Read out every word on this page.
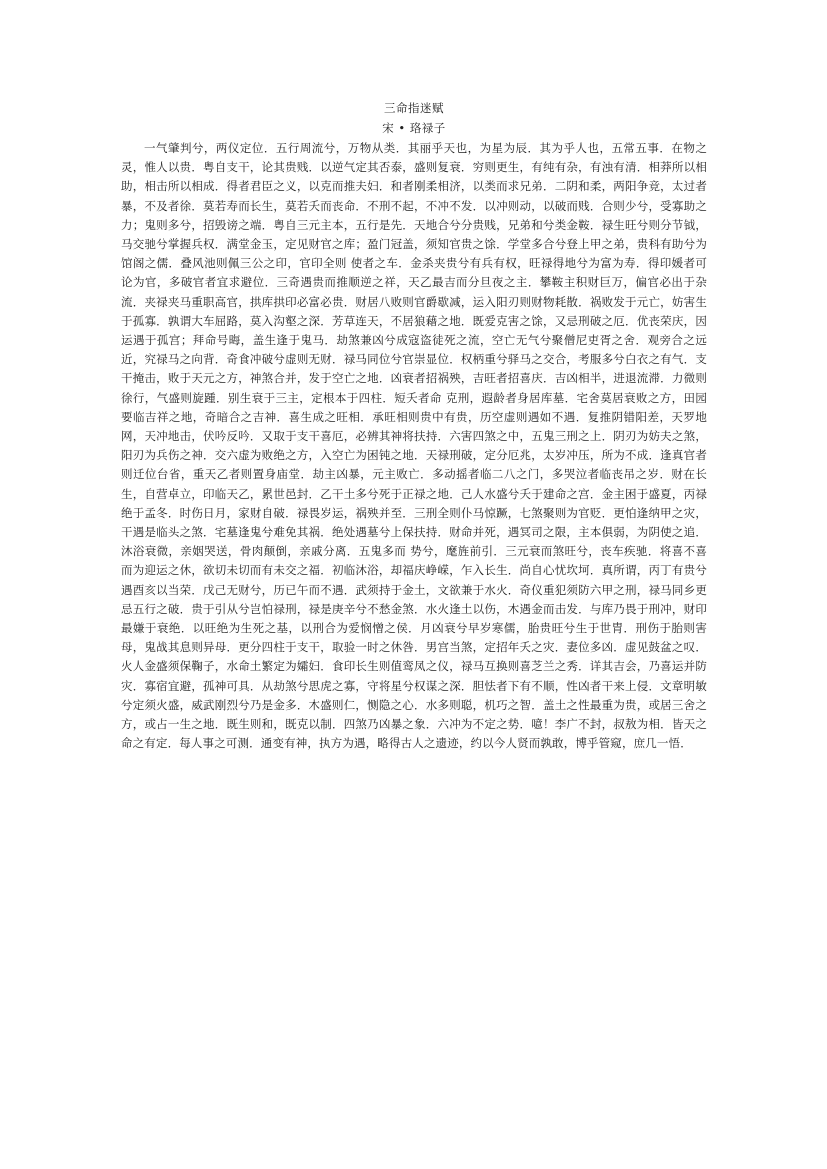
三命指迷赋
宋 • 珞禄子

一气肇判兮，两仪定位．五行周流兮，万物从类．其丽乎天也，为星为辰．其为乎人也，五常五事．在物之灵，惟人以贵．粤自支干，论其贵贱．以逆气定其否泰，盛则复衰．穷则更生，有纯有杂，有浊有清．相莽所以相助，相击所以相成．得者君臣之义，以克而推夫妇．和者刚柔相济，以类而求兄弟．二阴和柔，两阳争竞，太过者暴，不及者徐．莫若寿而长生，莫若夭而丧命．不刑不起，不冲不发．以冲则动，以破而贱．合则少兮，受寡助之力；鬼则多兮，招毁谤之端．粤自三元主本，五行是先．天地合兮分贵贱，兄弟和兮类金鞍．禄生旺兮则分节钺，马交驰兮掌握兵权．满堂金玉，定见财官之库；盈门冠盖，须知官贵之馀．学堂多合兮登上甲之弟，贵科有助兮为馆阁之儒．叠风池则佩三公之印，官印全则 使者之车．金杀夹贵兮有兵有权，旺禄得地兮为富为寿．得印媛者可论为官，多破官者宜求避位．三奇遇贵而推顺逆之祥，天乙最吉而分旦夜之主．攀鞍主积财巨万，偏官必出于杂流．夹禄夹马重职高官，拱库拱印必富必贵．财居八败则官爵歇减，运入阳刃则财物耗散．祸败发于元亡，妨害生于孤寡．孰谓大车屈路，莫入沟壑之深．芳草连天，不居狼藉之地．既爱克害之馀，又忌刑破之厄．优丧荣庆，因运遇于孤宫；拜命号晦，盖生逢于鬼马．劫煞兼凶兮成寇盗徒死之流，空亡无气兮聚僧尼吏胥之舍．观旁合之远近，究禄马之向背．奇食冲破兮虚则无财．禄马同位兮官崇显位．权柄重兮驿马之交合，考服多兮白衣之有气．支干掩击，败于天元之方，神煞合并，发于空亡之地．凶衰者招祸殃，吉旺者招喜庆．吉凶相半，进退流滞．力微则徐行，气盛则旋踵．别生衰于三主，定根本于四柱．短夭者命 克刑，遐龄者身居库墓．宅舍莫居衰败之方，田园要临吉祥之地，奇暗合之吉神．喜生成之旺相．承旺相则贵中有贵，历空虚则遇如不遇．复推阴错阳差，天罗地网，天冲地击，伏吟反吟．又取于支干喜厄，必辨其神将扶持．六害四煞之中，五鬼三刑之上．阴刃为妨夫之煞，阳刃为兵伤之神．交六虚为败绝之方，入空亡为困钝之地．天禄刑破，定分厄兆，太岁冲压，所为不成．逢真官者则迁位台省，重天乙者则置身庙堂．劫主凶暴，元主败亡．多动摇者临二八之门，多哭泣者临丧吊之岁．财在长生，自营卓立，印临天乙，累世邑封．乙干土多兮死于正禄之地．己人水盛兮夭于建命之宫．金主困于盛夏，丙禄绝于孟冬．时伤日月，家财自破．禄畏岁运，祸殃并至．三刑全则仆马惊蹶，七煞聚则为官贬．更怕逢纳甲之灾，干遇是临头之煞．宅墓逢鬼兮难免其祸．绝处遇墓兮上保扶持．财命并死，遇冥司之限，主本俱弱，为阴使之追．沐浴衰微，亲姻哭送，骨肉颠倒，亲戚分离．五鬼多而 势兮，麾旌前引．三元衰而煞旺兮，丧车疾驰．将喜不喜而为迎运之休，欲切未切而有未交之福．初临沐浴，却福庆峥嵘，乍入长生．尚自心忧坎坷．真所谓，丙丁有贵兮遇酉亥以当荣．戊己无财兮，历已午而不遇．武须持于金土，文欲兼于水火．奇仪重犯须防六甲之刑，禄马同乡更忌五行之破．贵于引从兮岂怕禄刑，禄是庚辛兮不愁金煞．水火逢土以伤，木遇金而击发．与库乃畏于刑冲，财印最嫌于衰绝．以旺绝为生死之基，以刑合为爱悯憎之侯．月凶衰兮早岁寒儒，胎贵旺兮生于世胄．刑伤于胎则害母，鬼战其息则异母．更分四柱于支干，取验一时之休咎．男宫当煞，定招年夭之灾．妻位多凶．虚见鼓盆之叹．火人金盛须保鞠子，水命土繁定为孀妇．食印长生则值鸾凤之仪，禄马互换则喜芝兰之秀．详其吉会，乃喜运并防灾．寡宿宜避，孤神可具．从劫煞兮思虎之寡，守将星兮权谋之深．胆怯者下有不顺，性凶者干来上侵．文章明敏兮定须火盛，威武刚烈兮乃是金多．木盛则仁，恻隐之心．水多则聪，机巧之智．盖土之性最重为贵，或居三舍之方，或占一生之地．既生则和，既克以制．四煞乃凶暴之象．六冲为不定之势．噫！李广不封，叔敖为相．皆天之命之有定．每人事之可测．通变有神，执方为遇，略得古人之遗迹，约以今人贤而孰敢，博乎管窥，庶几一悟．
